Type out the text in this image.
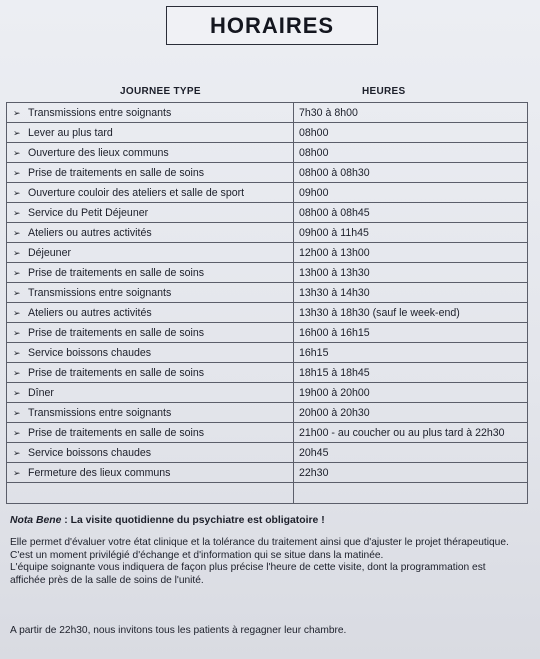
HORAIRES
JOURNEE TYPE	HEURES
➢ Transmissions entre soignants	7h30 à 8h00
➢ Lever au plus tard	08h00
➢ Ouverture des lieux communs	08h00
➢ Prise de traitements en salle de soins	08h00 à 08h30
➢ Ouverture couloir des ateliers et salle de sport	09h00
➢ Service du Petit Déjeuner	08h00 à 08h45
➢ Ateliers ou autres activités	09h00 à 11h45
➢ Déjeuner	12h00 à 13h00
➢ Prise de traitements en salle de soins	13h00 à 13h30
➢ Transmissions entre soignants	13h30 à 14h30
➢ Ateliers ou autres activités	13h30 à 18h30 (sauf le week-end)
➢ Prise de traitements en salle de soins	16h00 à 16h15
➢ Service boissons chaudes	16h15
➢ Prise de traitements en salle de soins	18h15 à 18h45
➢ Dîner	19h00 à 20h00
➢ Transmissions entre soignants	20h00 à 20h30
➢ Prise de traitements en salle de soins	21h00 - au coucher ou au plus tard à 22h30
➢ Service boissons chaudes	20h45
➢ Fermeture des lieux communs	22h30

Nota Bene : La visite quotidienne du psychiatre est obligatoire !

Elle permet d'évaluer votre état clinique et la tolérance du traitement ainsi que d'ajuster le projet thérapeutique.

C'est un moment privilégié d'échange et d'information qui se situe dans la matinée.

L'équipe soignante vous indiquera de façon plus précise l'heure de cette visite, dont la programmation est affichée près de la salle de soins de l'unité.

A partir de 22h30, nous invitons tous les patients à regagner leur chambre.
